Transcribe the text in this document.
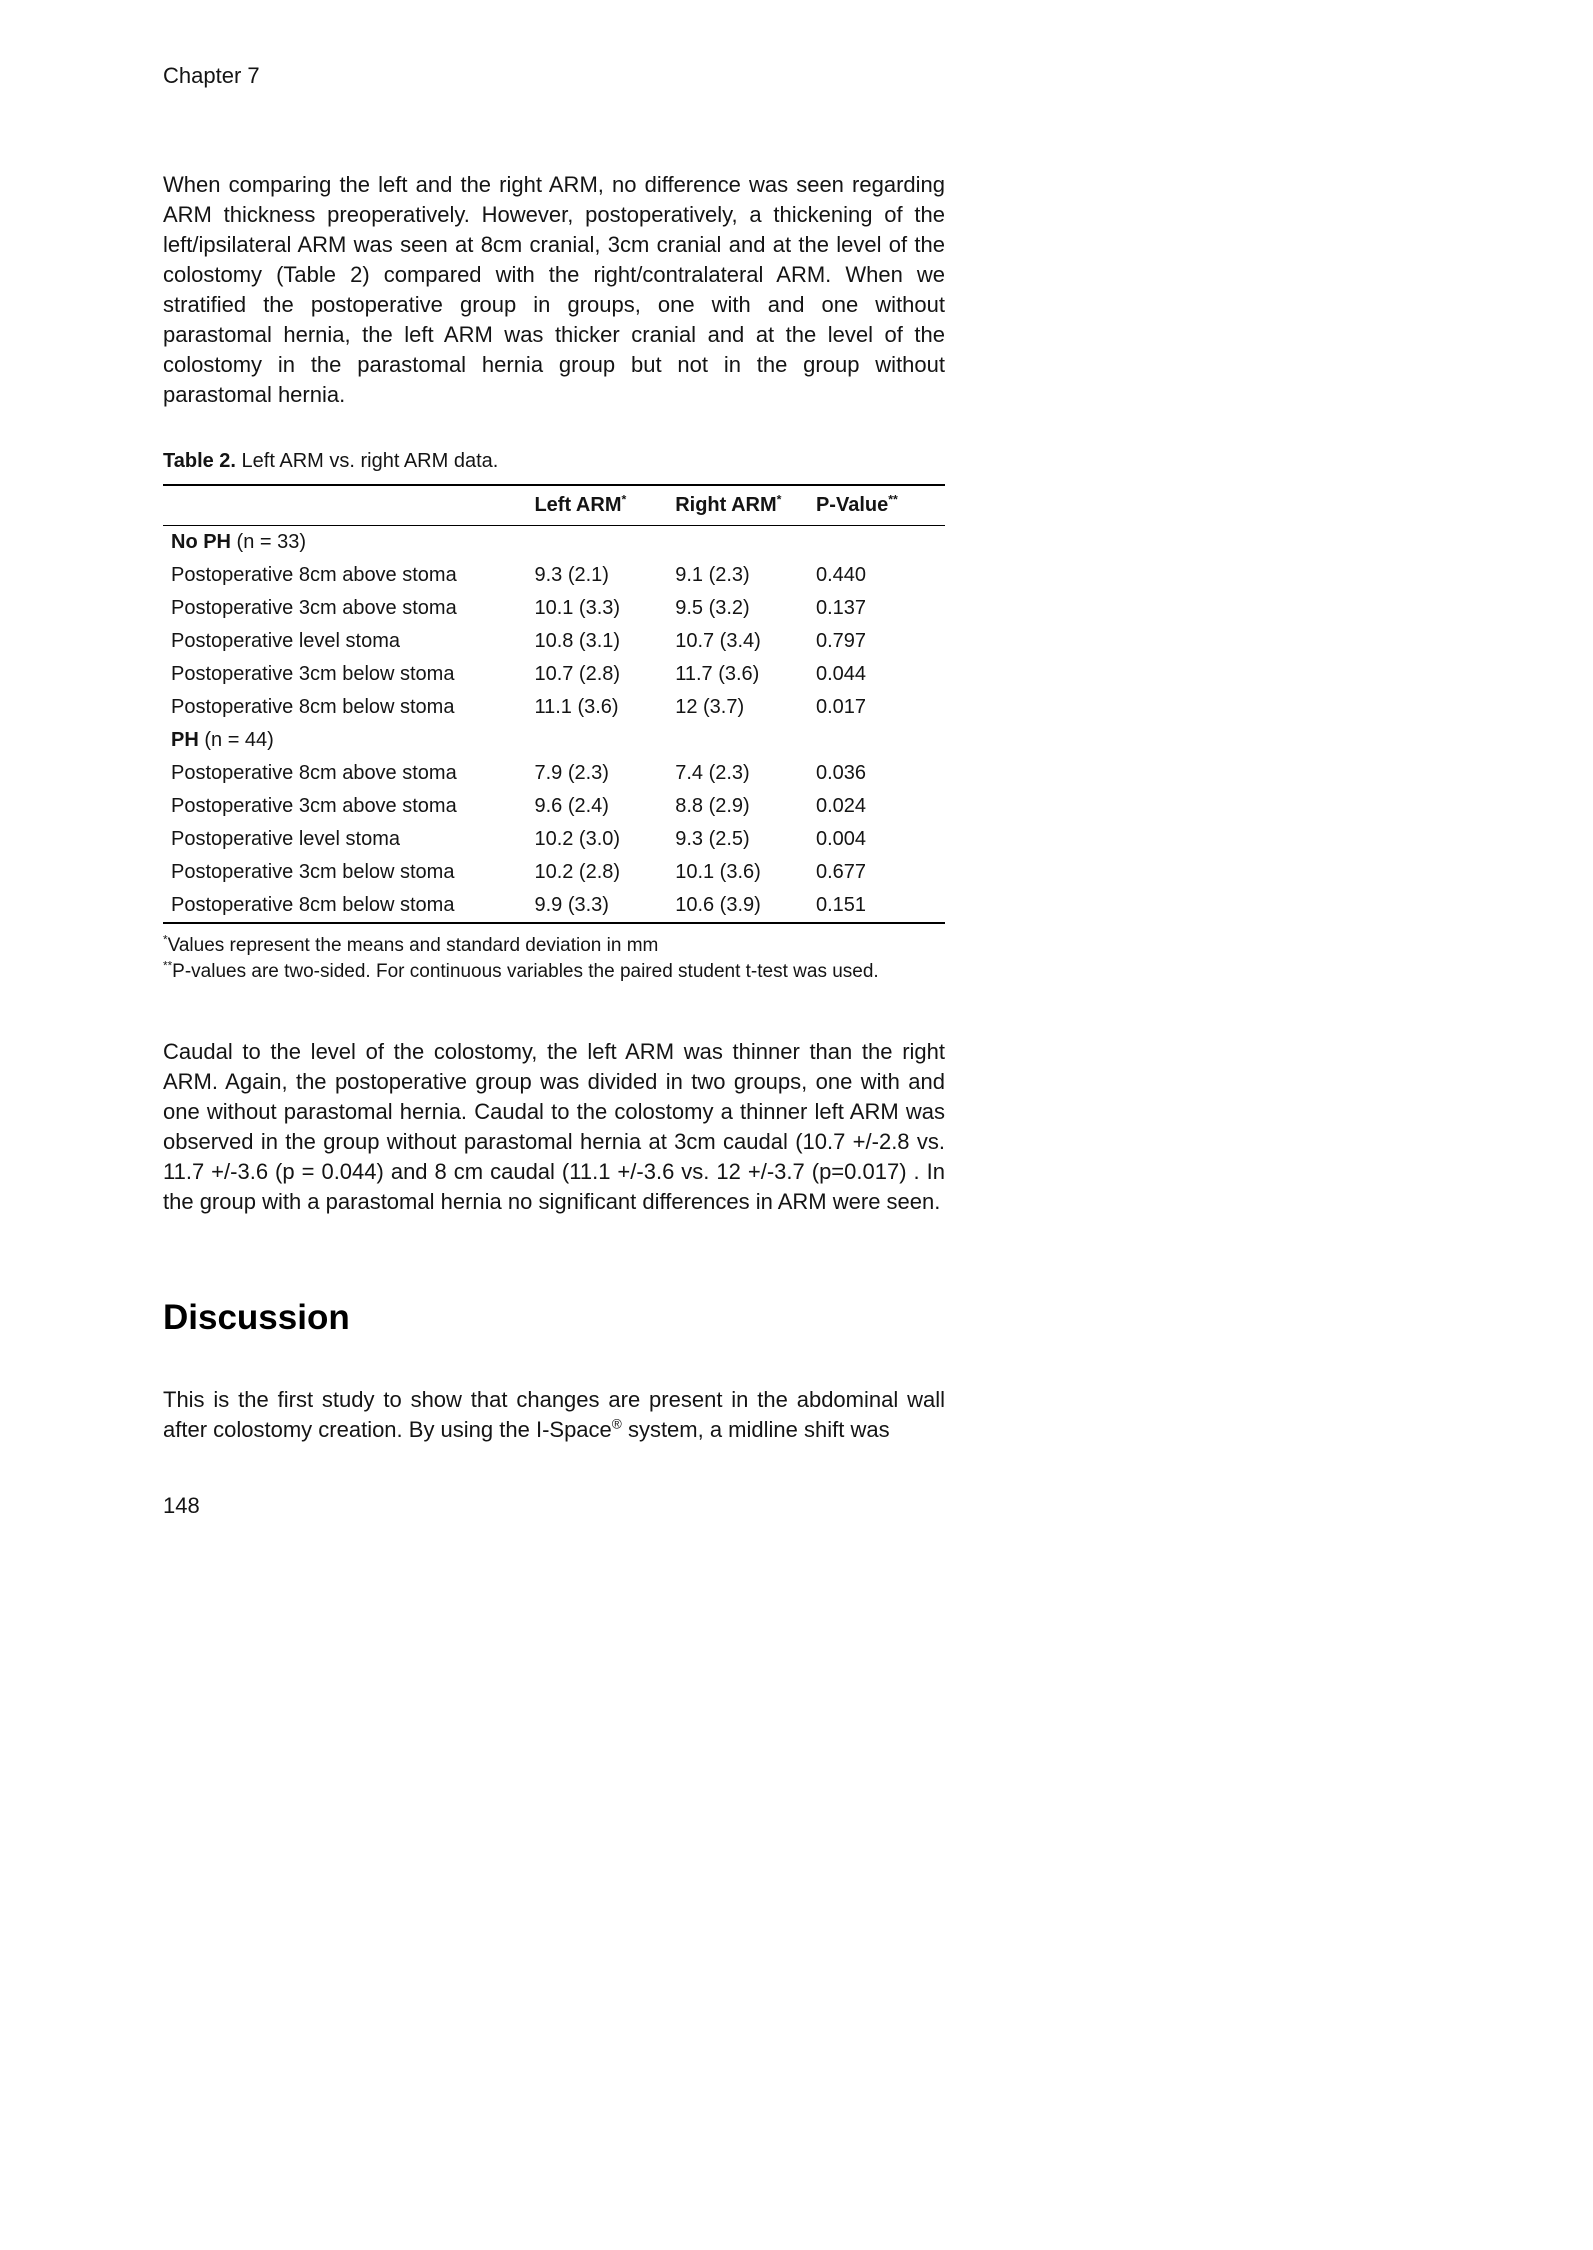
Chapter 7

When comparing the left and the right ARM, no difference was seen regarding ARM thickness preoperatively. However, postoperatively, a thickening of the left/ipsilateral ARM was seen at 8cm cranial, 3cm cranial and at the level of the colostomy (Table 2) compared with the right/contralateral ARM. When we stratified the postoperative group in groups, one with and one without parastomal hernia, the left ARM was thicker cranial and at the level of the colostomy in the parastomal hernia group but not in the group without parastomal hernia.

Table 2. Left ARM vs. right ARM data.

	Left ARM*	Right ARM*	P-Value**
No PH (n = 33)			
Postoperative 8cm above stoma	9.3 (2.1)	9.1 (2.3)	0.440
Postoperative 3cm above stoma	10.1 (3.3)	9.5 (3.2)	0.137
Postoperative level stoma	10.8 (3.1)	10.7 (3.4)	0.797
Postoperative 3cm below stoma	10.7 (2.8)	11.7 (3.6)	0.044
Postoperative 8cm below stoma	11.1 (3.6)	12 (3.7)	0.017
PH (n = 44)			
Postoperative 8cm above stoma	7.9 (2.3)	7.4 (2.3)	0.036
Postoperative 3cm above stoma	9.6 (2.4)	8.8 (2.9)	0.024
Postoperative level stoma	10.2 (3.0)	9.3 (2.5)	0.004
Postoperative 3cm below stoma	10.2 (2.8)	10.1 (3.6)	0.677
Postoperative 8cm below stoma	9.9 (3.3)	10.6 (3.9)	0.151

*Values represent the means and standard deviation in mm

**P-values are two-sided. For continuous variables the paired student t-test was used.

Caudal to the level of the colostomy, the left ARM was thinner than the right ARM. Again, the postoperative group was divided in two groups, one with and one without parastomal hernia. Caudal to the colostomy a thinner left ARM was observed in the group without parastomal hernia at 3cm caudal (10.7 +/-2.8 vs. 11.7 +/-3.6 (p = 0.044) and 8 cm caudal (11.1 +/-3.6 vs. 12 +/-3.7 (p=0.017) . In the group with a parastomal hernia no significant differences in ARM were seen.

Discussion

This is the first study to show that changes are present in the abdominal wall after colostomy creation. By using the I-Space® system, a midline shift was

148
